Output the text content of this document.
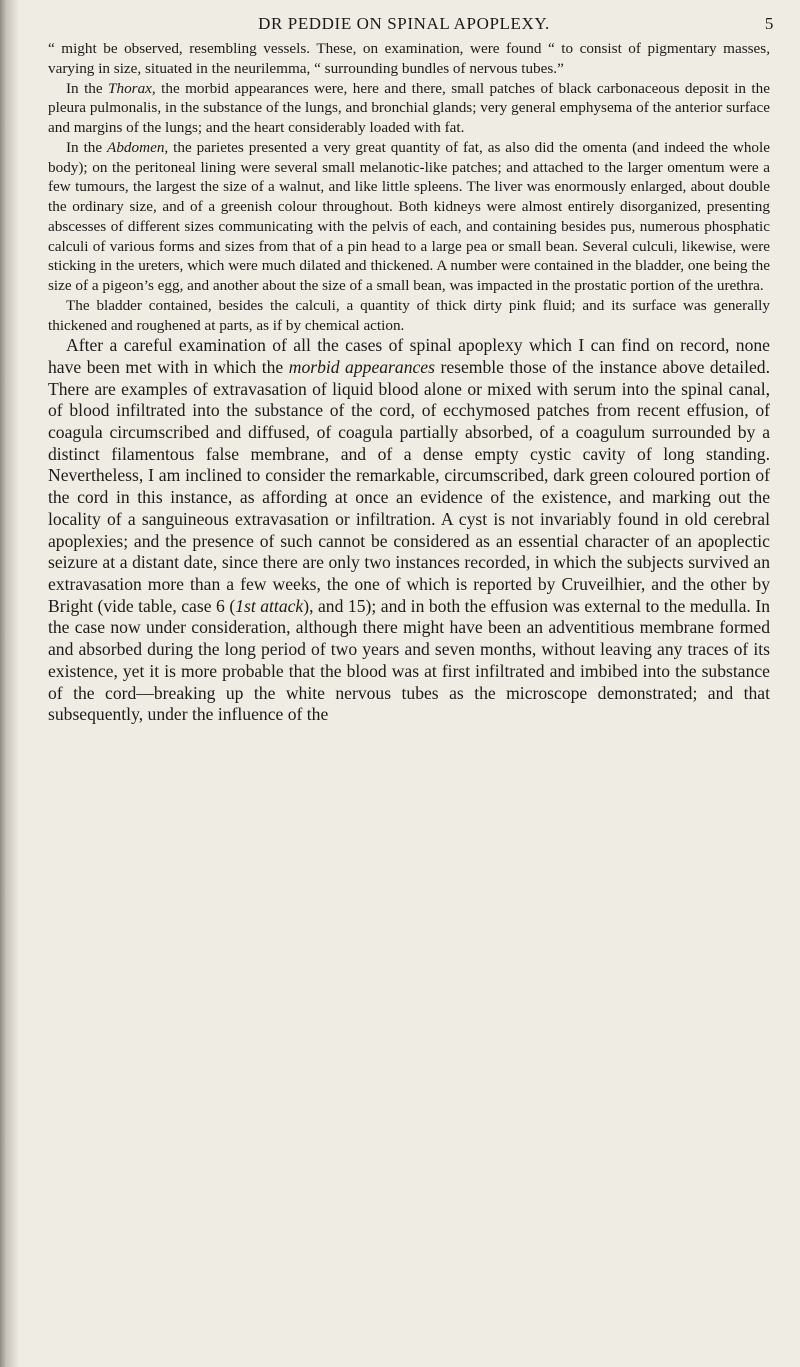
DR PEDDIE ON SPINAL APOPLEXY.	5

“ might be observed, resembling vessels. These, on examination, were found “ to consist of pigmentary masses, varying in size, situated in the neurilemma, “ surrounding bundles of nervous tubes.”

In the Thorax, the morbid appearances were, here and there, small patches of black carbonaceous deposit in the pleura pulmonalis, in the substance of the lungs, and bronchial glands; very general emphysema of the anterior surface and margins of the lungs; and the heart considerably loaded with fat.

In the Abdomen, the parietes presented a very great quantity of fat, as also did the omenta (and indeed the whole body); on the peritoneal lining were several small melanotic-like patches; and attached to the larger omentum were a few tumours, the largest the size of a walnut, and like little spleens. The liver was enormously enlarged, about double the ordinary size, and of a greenish colour throughout. Both kidneys were almost entirely disorganized, presenting abscesses of different sizes communicating with the pelvis of each, and containing besides pus, numerous phosphatic calculi of various forms and sizes from that of a pin head to a large pea or small bean. Several culculi, likewise, were sticking in the ureters, which were much dilated and thickened. A number were contained in the bladder, one being the size of a pigeon’s egg, and another about the size of a small bean, was impacted in the prostatic portion of the urethra.

The bladder contained, besides the calculi, a quantity of thick dirty pink fluid; and its surface was generally thickened and roughened at parts, as if by chemical action.

After a careful examination of all the cases of spinal apoplexy which I can find on record, none have been met with in which the morbid appearances resemble those of the instance above detailed. There are examples of extravasation of liquid blood alone or mixed with serum into the spinal canal, of blood infiltrated into the substance of the cord, of ecchymosed patches from recent effusion, of coagula circumscribed and diffused, of coagula partially absorbed, of a coagulum surrounded by a distinct filamentous false membrane, and of a dense empty cystic cavity of long standing. Nevertheless, I am inclined to consider the remarkable, circumscribed, dark green coloured portion of the cord in this instance, as affording at once an evidence of the existence, and marking out the locality of a sanguineous extravasation or infiltration. A cyst is not invariably found in old cerebral apoplexies; and the presence of such cannot be considered as an essential character of an apoplectic seizure at a distant date, since there are only two instances recorded, in which the subjects survived an extravasation more than a few weeks, the one of which is reported by Cruveilhier, and the other by Bright (vide table, case 6 (1st attack), and 15); and in both the effusion was external to the medulla. In the case now under consideration, although there might have been an adventitious membrane formed and absorbed during the long period of two years and seven months, without leaving any traces of its existence, yet it is more probable that the blood was at first infiltrated and imbibed into the substance of the cord—breaking up the white nervous tubes as the microscope demonstrated; and that subsequently, under the influence of the
